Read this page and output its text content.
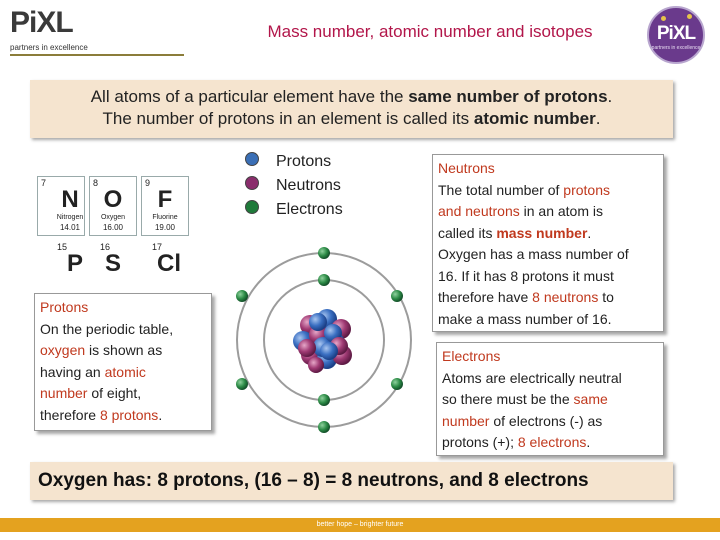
PiXL
partners in excellence
Mass number, atomic number and isotopes	PiXL
partners in excellence
All atoms of a particular element have the same number of protons.
The number of protons in an element is called its atomic number.
7
N
Nitrogen
14.01
8
O
Oxygen
16.00
9
F
Fluorine
19.00
15
P
16
S
17
Cl
Protons
Neutrons
Electrons
Protons
On the periodic table,
oxygen is shown as
having an atomic
number of eight,
therefore 8 protons.
Neutrons
The total number of protons
and neutrons in an atom is
called its mass number.
Oxygen has a mass number of
16. If it has 8 protons it must
therefore have 8 neutrons to
make a mass number of 16.
Electrons
Atoms are electrically neutral
so there must be the same
number of electrons (-) as
protons (+); 8 electrons.
Oxygen has: 8 protons, (16 – 8) = 8 neutrons, and 8 electrons
better hope – brighter future
